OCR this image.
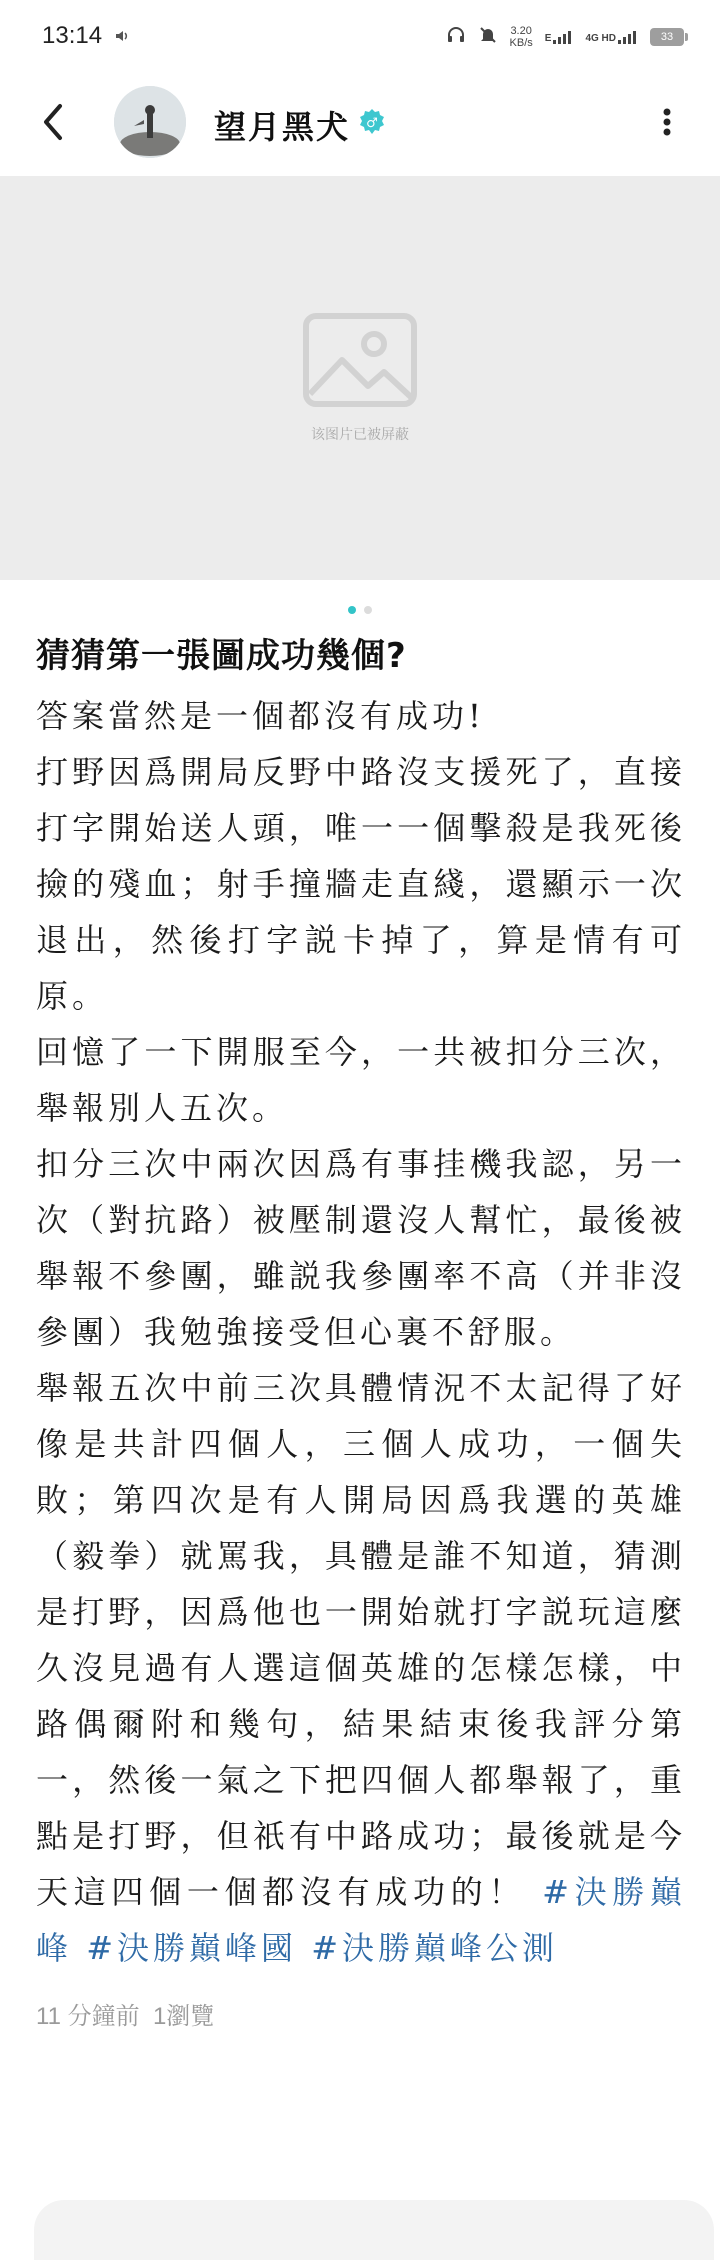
13:14	3.20
KB/s E	4G HD	33
望月黑犬 ♂
该图片已被屏蔽
猜猜第一張圖成功幾個?

答案當然是一個都沒有成功!

打野因爲開局反野中路沒支援死了，直接打字開始送人頭，唯一一個擊殺是我死後撿的殘血；射手撞牆走直綫，還顯示一次退出，然後打字説卡掉了，算是情有可原。

回憶了一下開服至今，一共被扣分三次，舉報別人五次。

扣分三次中兩次因爲有事挂機我認，另一次（對抗路）被壓制還沒人幫忙，最後被舉報不參團，雖説我參團率不高（并非沒參團）我勉強接受但心裏不舒服。

舉報五次中前三次具體情況不太記得了好像是共計四個人，三個人成功，一個失敗；第四次是有人開局因爲我選的英雄（毅拳）就罵我，具體是誰不知道，猜測是打野，因爲他也一開始就打字説玩這麼久沒見過有人選這個英雄的怎樣怎樣，中路偶爾附和幾句，結果結束後我評分第一，然後一氣之下把四個人都舉報了，重點是打野，但祇有中路成功；最後就是今天這四個一個都沒有成功的！ #決勝巔峰 #決勝巔峰國 #決勝巔峰公測

11 分鐘前 1瀏覽
